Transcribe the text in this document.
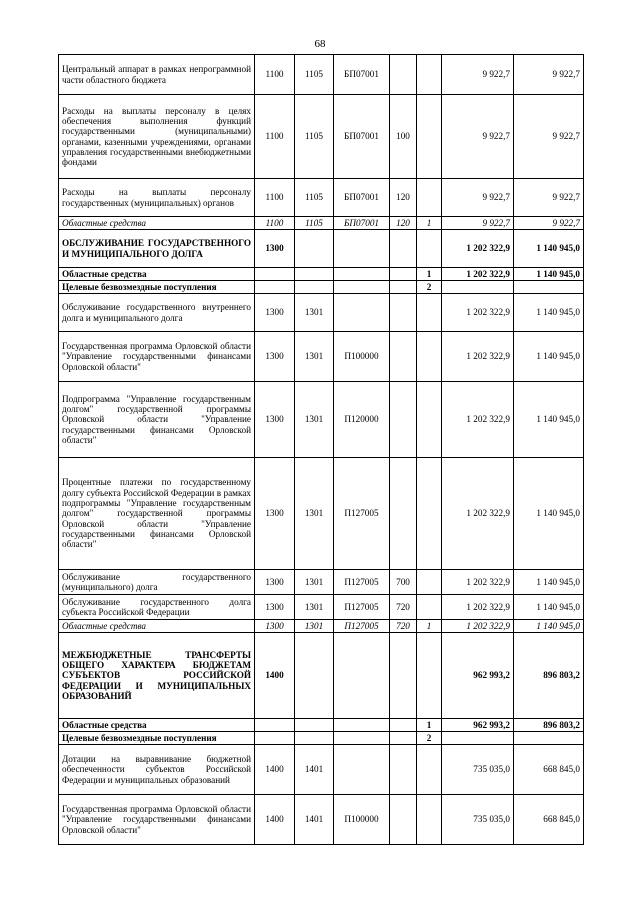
68
Центральный аппарат в рамках непрограммной части областного бюджета	1100	1105	БП07001			9 922,7	9 922,7
Расходы на выплаты персоналу в целях обеспечения выполнения функций государственными (муниципальными) органами, казенными учреждениями, органами управления государственными внебюджетными фондами	1100	1105	БП07001	100		9 922,7	9 922,7
Расходы на выплаты персоналу государственных (муниципальных) органов	1100	1105	БП07001	120		9 922,7	9 922,7
Областные средства	1100	1105	БП07001	120	1	9 922,7	9 922,7
ОБСЛУЖИВАНИЕ ГОСУДАРСТВЕННОГО И МУНИЦИПАЛЬНОГО ДОЛГА	1300					1 202 322,9	1 140 945,0
Областные средства					1	1 202 322,9	1 140 945,0
Целевые безвозмездные поступления					2		
Обслуживание государственного внутреннего долга и муниципального долга	1300	1301				1 202 322,9	1 140 945,0
Государственная программа Орловской области "Управление государственными финансами Орловской области"	1300	1301	П100000			1 202 322,9	1 140 945,0
Подпрограмма "Управление государственным долгом" государственной программы Орловской области "Управление государственными финансами Орловской области"	1300	1301	П120000			1 202 322,9	1 140 945,0
Процентные платежи по государственному долгу субъекта Российской Федерации в рамках подпрограммы "Управление государственным долгом" государственной программы Орловской области "Управление государственными финансами Орловской области"	1300	1301	П127005			1 202 322,9	1 140 945,0
Обслуживание государственного (муниципального) долга	1300	1301	П127005	700		1 202 322,9	1 140 945,0
Обслуживание государственного долга субъекта Российской Федерации	1300	1301	П127005	720		1 202 322,9	1 140 945,0
Областные средства	1300	1301	П127005	720	1	1 202 322,9	1 140 945,0
МЕЖБЮДЖЕТНЫЕ ТРАНСФЕРТЫ ОБЩЕГО ХАРАКТЕРА БЮДЖЕТАМ СУБЪЕКТОВ РОССИЙСКОЙ ФЕДЕРАЦИИ И МУНИЦИПАЛЬНЫХ ОБРАЗОВАНИЙ	1400					962 993,2	896 803,2
Областные средства					1	962 993,2	896 803,2
Целевые безвозмездные поступления					2		
Дотации на выравнивание бюджетной обеспеченности субъектов Российской Федерации и муниципальных образований	1400	1401				735 035,0	668 845,0
Государственная программа Орловской области "Управление государственными финансами Орловской области"	1400	1401	П100000			735 035,0	668 845,0
